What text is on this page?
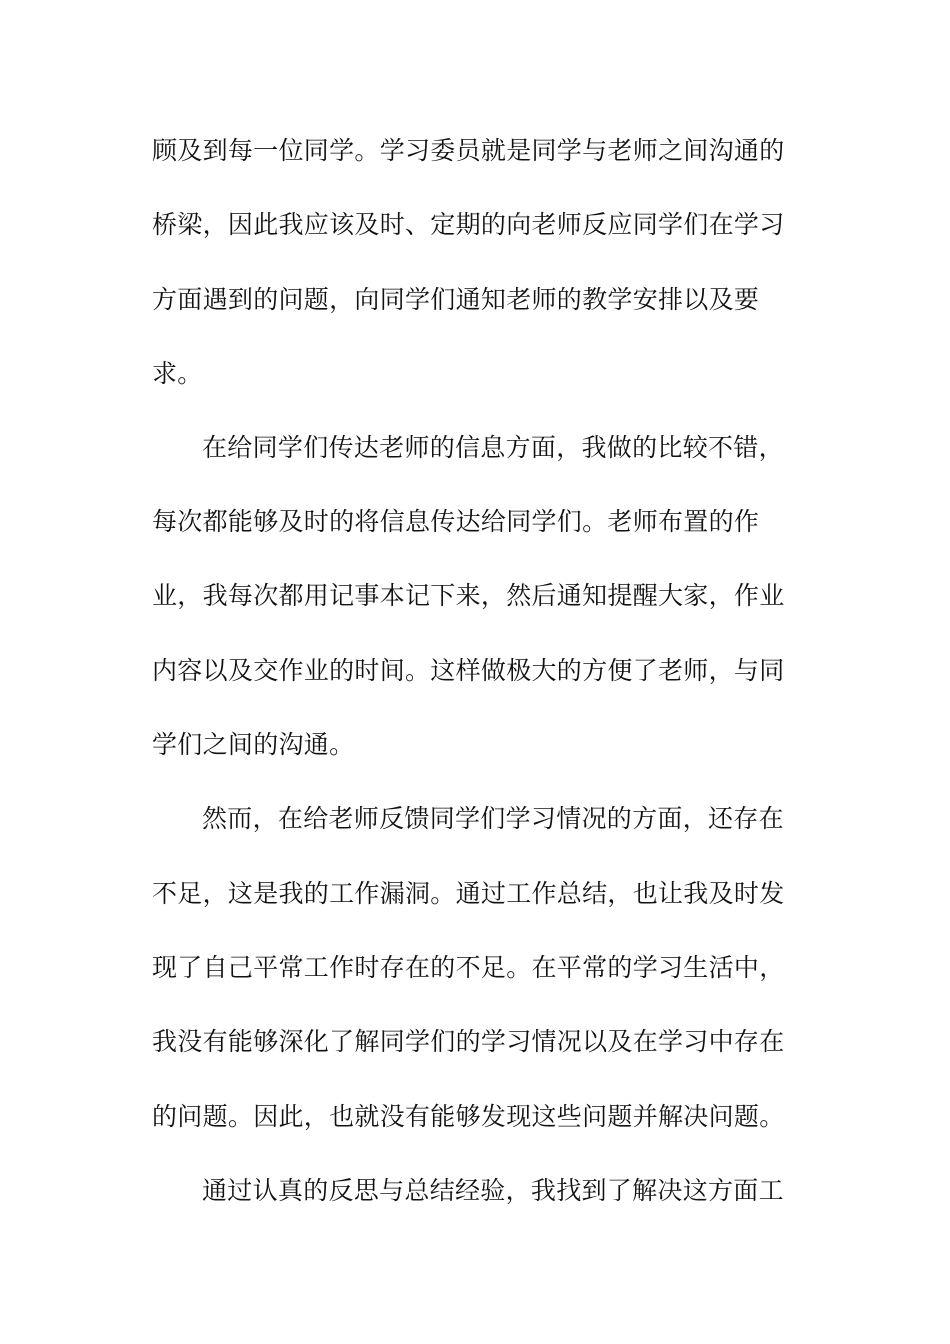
顾及到每一位同学。学习委员就是同学与老师之间沟通的
桥梁，因此我应该及时、定期的向老师反应同学们在学习
方面遇到的问题，向同学们通知老师的教学安排以及要
求。
在给同学们传达老师的信息方面，我做的比较不错，
每次都能够及时的将信息传达给同学们。老师布置的作
业，我每次都用记事本记下来，然后通知提醒大家，作业
内容以及交作业的时间。这样做极大的方便了老师，与同
学们之间的沟通。
然而，在给老师反馈同学们学习情况的方面，还存在
不足，这是我的工作漏洞。通过工作总结，也让我及时发
现了自己平常工作时存在的不足。在平常的学习生活中，
我没有能够深化了解同学们的学习情况以及在学习中存在
的问题。因此，也就没有能够发现这些问题并解决问题。
通过认真的反思与总结经验，我找到了解决这方面工
